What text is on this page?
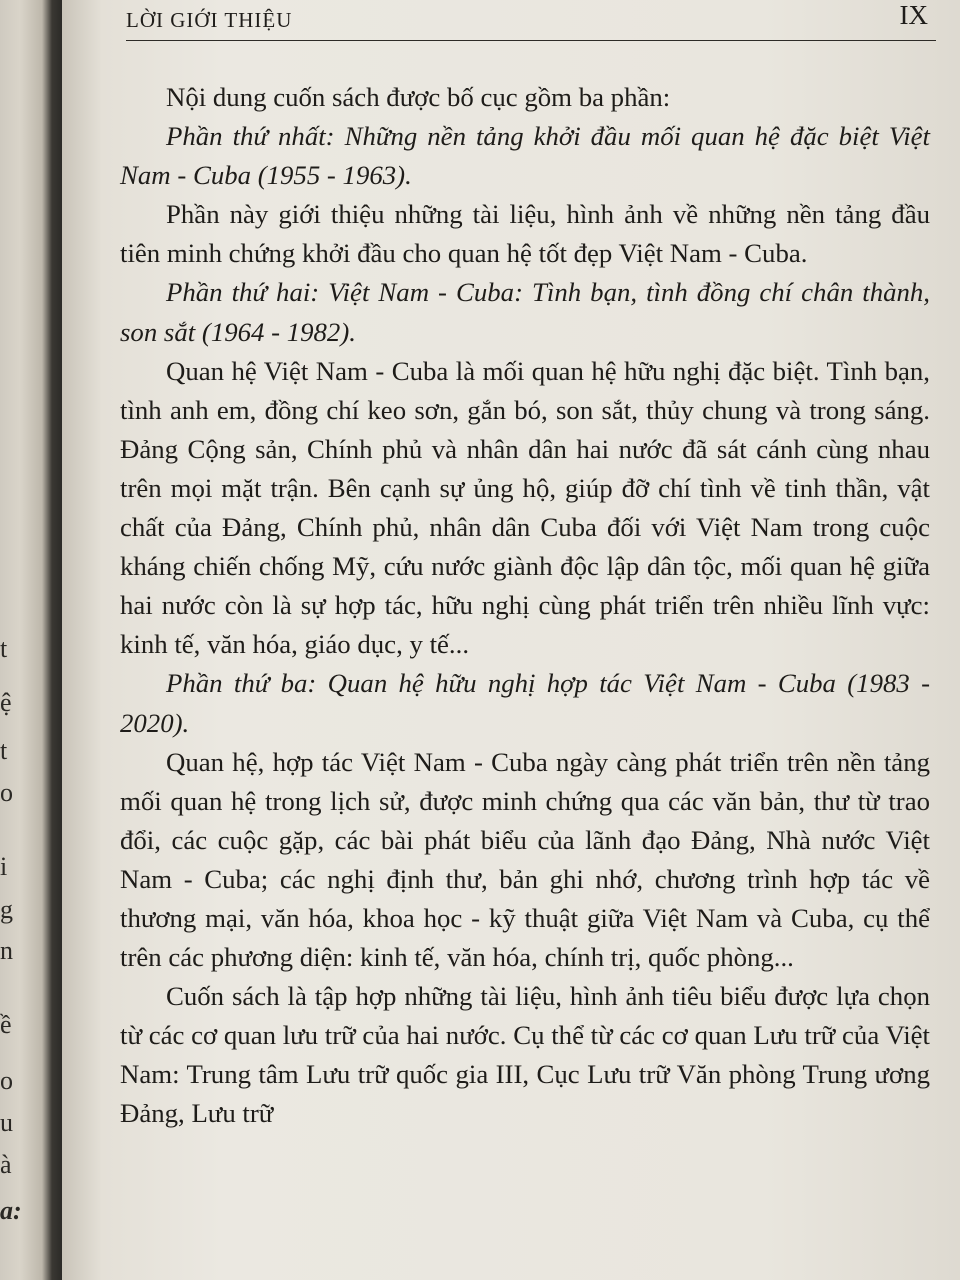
t
ệ
t
o
i
g
n
ề
o
u
à
a:
LỜI GIỚI THIỆU	IX

Nội dung cuốn sách được bố cục gồm ba phần:

Phần thứ nhất: Những nền tảng khởi đầu mối quan hệ đặc biệt Việt Nam - Cuba (1955 - 1963).

Phần này giới thiệu những tài liệu, hình ảnh về những nền tảng đầu tiên minh chứng khởi đầu cho quan hệ tốt đẹp Việt Nam - Cuba.

Phần thứ hai: Việt Nam - Cuba: Tình bạn, tình đồng chí chân thành, son sắt (1964 - 1982).

Quan hệ Việt Nam - Cuba là mối quan hệ hữu nghị đặc biệt. Tình bạn, tình anh em, đồng chí keo sơn, gắn bó, son sắt, thủy chung và trong sáng. Đảng Cộng sản, Chính phủ và nhân dân hai nước đã sát cánh cùng nhau trên mọi mặt trận. Bên cạnh sự ủng hộ, giúp đỡ chí tình về tinh thần, vật chất của Đảng, Chính phủ, nhân dân Cuba đối với Việt Nam trong cuộc kháng chiến chống Mỹ, cứu nước giành độc lập dân tộc, mối quan hệ giữa hai nước còn là sự hợp tác, hữu nghị cùng phát triển trên nhiều lĩnh vực: kinh tế, văn hóa, giáo dục, y tế...

Phần thứ ba: Quan hệ hữu nghị hợp tác Việt Nam - Cuba (1983 - 2020).

Quan hệ, hợp tác Việt Nam - Cuba ngày càng phát triển trên nền tảng mối quan hệ trong lịch sử, được minh chứng qua các văn bản, thư từ trao đổi, các cuộc gặp, các bài phát biểu của lãnh đạo Đảng, Nhà nước Việt Nam - Cuba; các nghị định thư, bản ghi nhớ, chương trình hợp tác về thương mại, văn hóa, khoa học - kỹ thuật giữa Việt Nam và Cuba, cụ thể trên các phương diện: kinh tế, văn hóa, chính trị, quốc phòng...

Cuốn sách là tập hợp những tài liệu, hình ảnh tiêu biểu được lựa chọn từ các cơ quan lưu trữ của hai nước. Cụ thể từ các cơ quan Lưu trữ của Việt Nam: Trung tâm Lưu trữ quốc gia III, Cục Lưu trữ Văn phòng Trung ương Đảng, Lưu trữ
